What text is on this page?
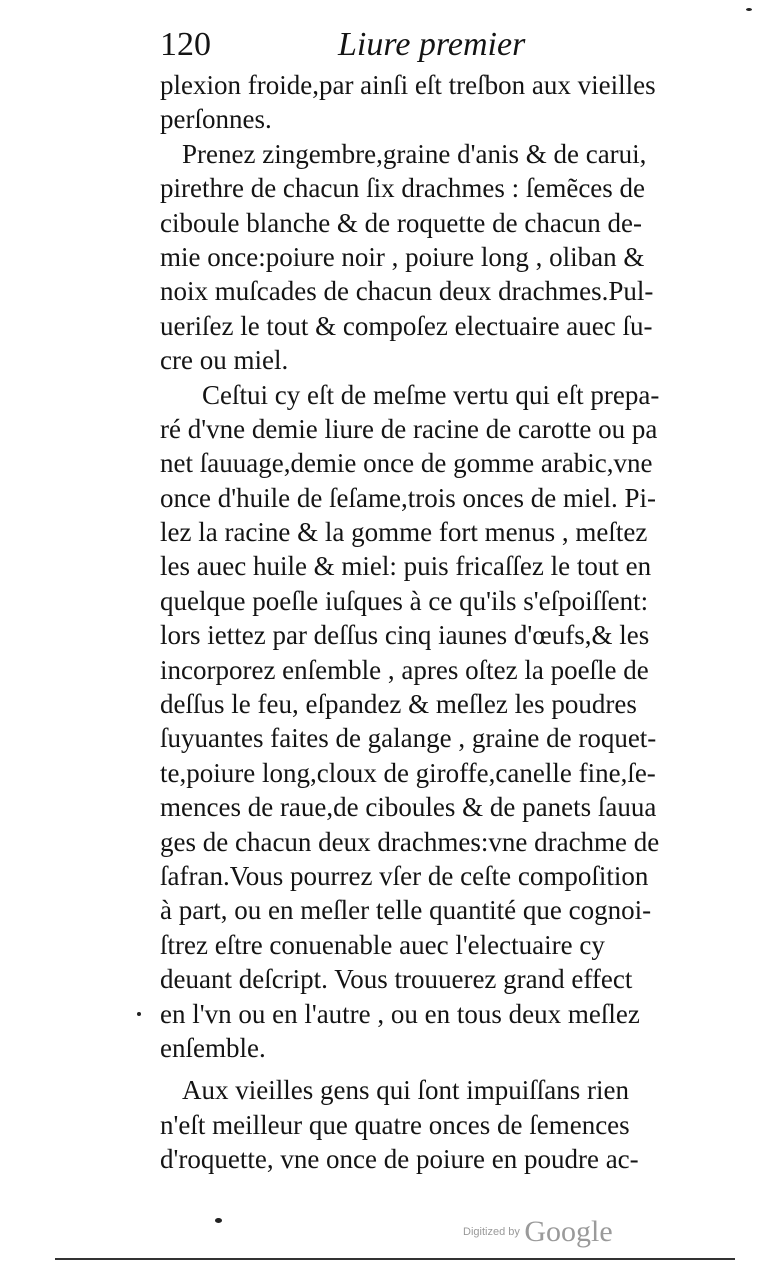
120	Liure premier
plexion froide,par ainſi eſt treſbon aux vieilles
perſonnes.
Prenez zingembre,graine d'anis & de carui,
pirethre de chacun ſix drachmes : ſemẽces de
ciboule blanche & de roquette de chacun de-
mie once:poiure noir , poiure long , oliban &
noix muſcades de chacun deux drachmes.Pul-
ueriſez le tout & compoſez electuaire auec ſu-
cre ou miel.
Ceſtui cy eſt de meſme vertu qui eſt prepa-
ré d'vne demie liure de racine de carotte ou pa
net ſauuage,demie once de gomme arabic,vne
once d'huile de ſeſame,trois onces de miel. Pi-
lez la racine & la gomme fort menus , meſtez
les auec huile & miel: puis fricaſſez le tout en
quelque poeſle iuſques à ce qu'ils s'eſpoiſſent:
lors iettez par deſſus cinq iaunes d'œufs,& les
incorporez enſemble , apres oſtez la poeſle de
deſſus le feu, eſpandez & meſlez les poudres
ſuyuantes faites de galange , graine de roquet-
te,poiure long,cloux de giroffe,canelle fine,ſe-
mences de raue,de ciboules & de panets ſauua
ges de chacun deux drachmes:vne drachme de
ſafran.Vous pourrez vſer de ceſte compoſition
à part, ou en meſler telle quantité que cognoi-
ſtrez eſtre conuenable auec l'electuaire cy
deuant deſcript. Vous trouuerez grand effect
en l'vn ou en l'autre , ou en tous deux meſlez
enſemble.
Aux vieilles gens qui ſont impuiſſans rien
n'eſt meilleur que quatre onces de ſemences
d'roquette, vne once de poiure en poudre ac-
Digitized by Google
